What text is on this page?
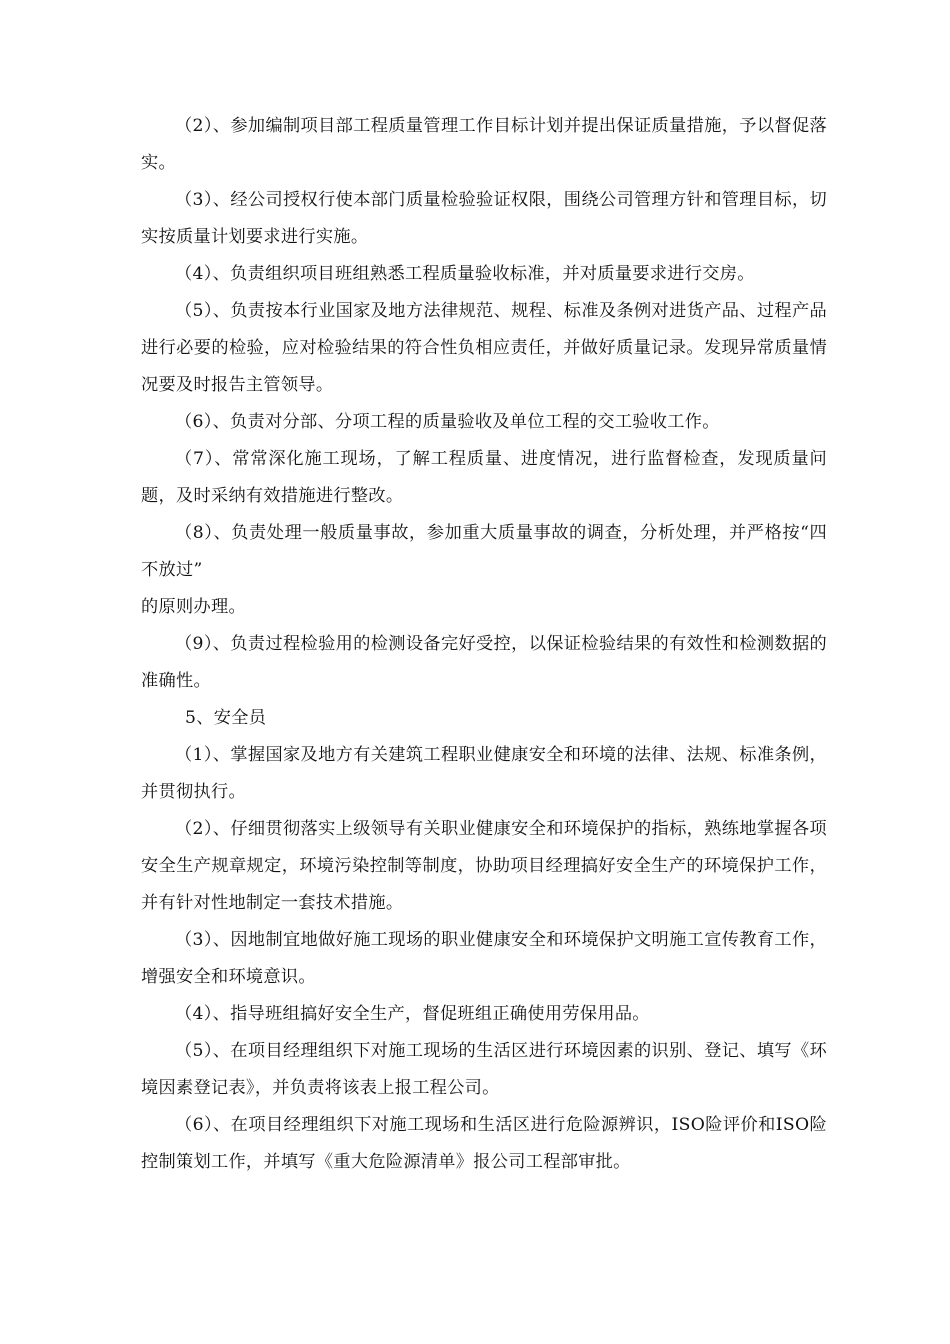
（2）、参加编制项目部工程质量管理工作目标计划并提出保证质量措施，予以督促落实。

（3）、经公司授权行使本部门质量检验验证权限，围绕公司管理方针和管理目标，切实按质量计划要求进行实施。

（4）、负责组织项目班组熟悉工程质量验收标准，并对质量要求进行交房。

（5）、负责按本行业国家及地方法律规范、规程、标准及条例对进货产品、过程产品进行必要的检验，应对检验结果的符合性负相应责任，并做好质量记录。发现异常质量情况要及时报告主管领导。

（6）、负责对分部、分项工程的质量验收及单位工程的交工验收工作。

（7）、常常深化施工现场，了解工程质量、进度情况，进行监督检查，发现质量问题，及时采纳有效措施进行整改。

（8）、负责处理一般质量事故，参加重大质量事故的调查，分析处理，并严格按“四不放过”

的原则办理。

（9）、负责过程检验用的检测设备完好受控，以保证检验结果的有效性和检测数据的准确性。

5、安全员

（1）、掌握国家及地方有关建筑工程职业健康安全和环境的法律、法规、标准条例，并贯彻执行。

（2）、仔细贯彻落实上级领导有关职业健康安全和环境保护的指标，熟练地掌握各项安全生产规章规定，环境污染控制等制度，协助项目经理搞好安全生产的环境保护工作，并有针对性地制定一套技术措施。

（3）、因地制宜地做好施工现场的职业健康安全和环境保护文明施工宣传教育工作，增强安全和环境意识。

（4）、指导班组搞好安全生产，督促班组正确使用劳保用品。

（5）、在项目经理组织下对施工现场的生活区进行环境因素的识别、登记、填写《环境因素登记表》，并负责将该表上报工程公司。

（6）、在项目经理组织下对施工现场和生活区进行危险源辨识，ISO险评价和ISO险控制策划工作，并填写《重大危险源清单》报公司工程部审批。
